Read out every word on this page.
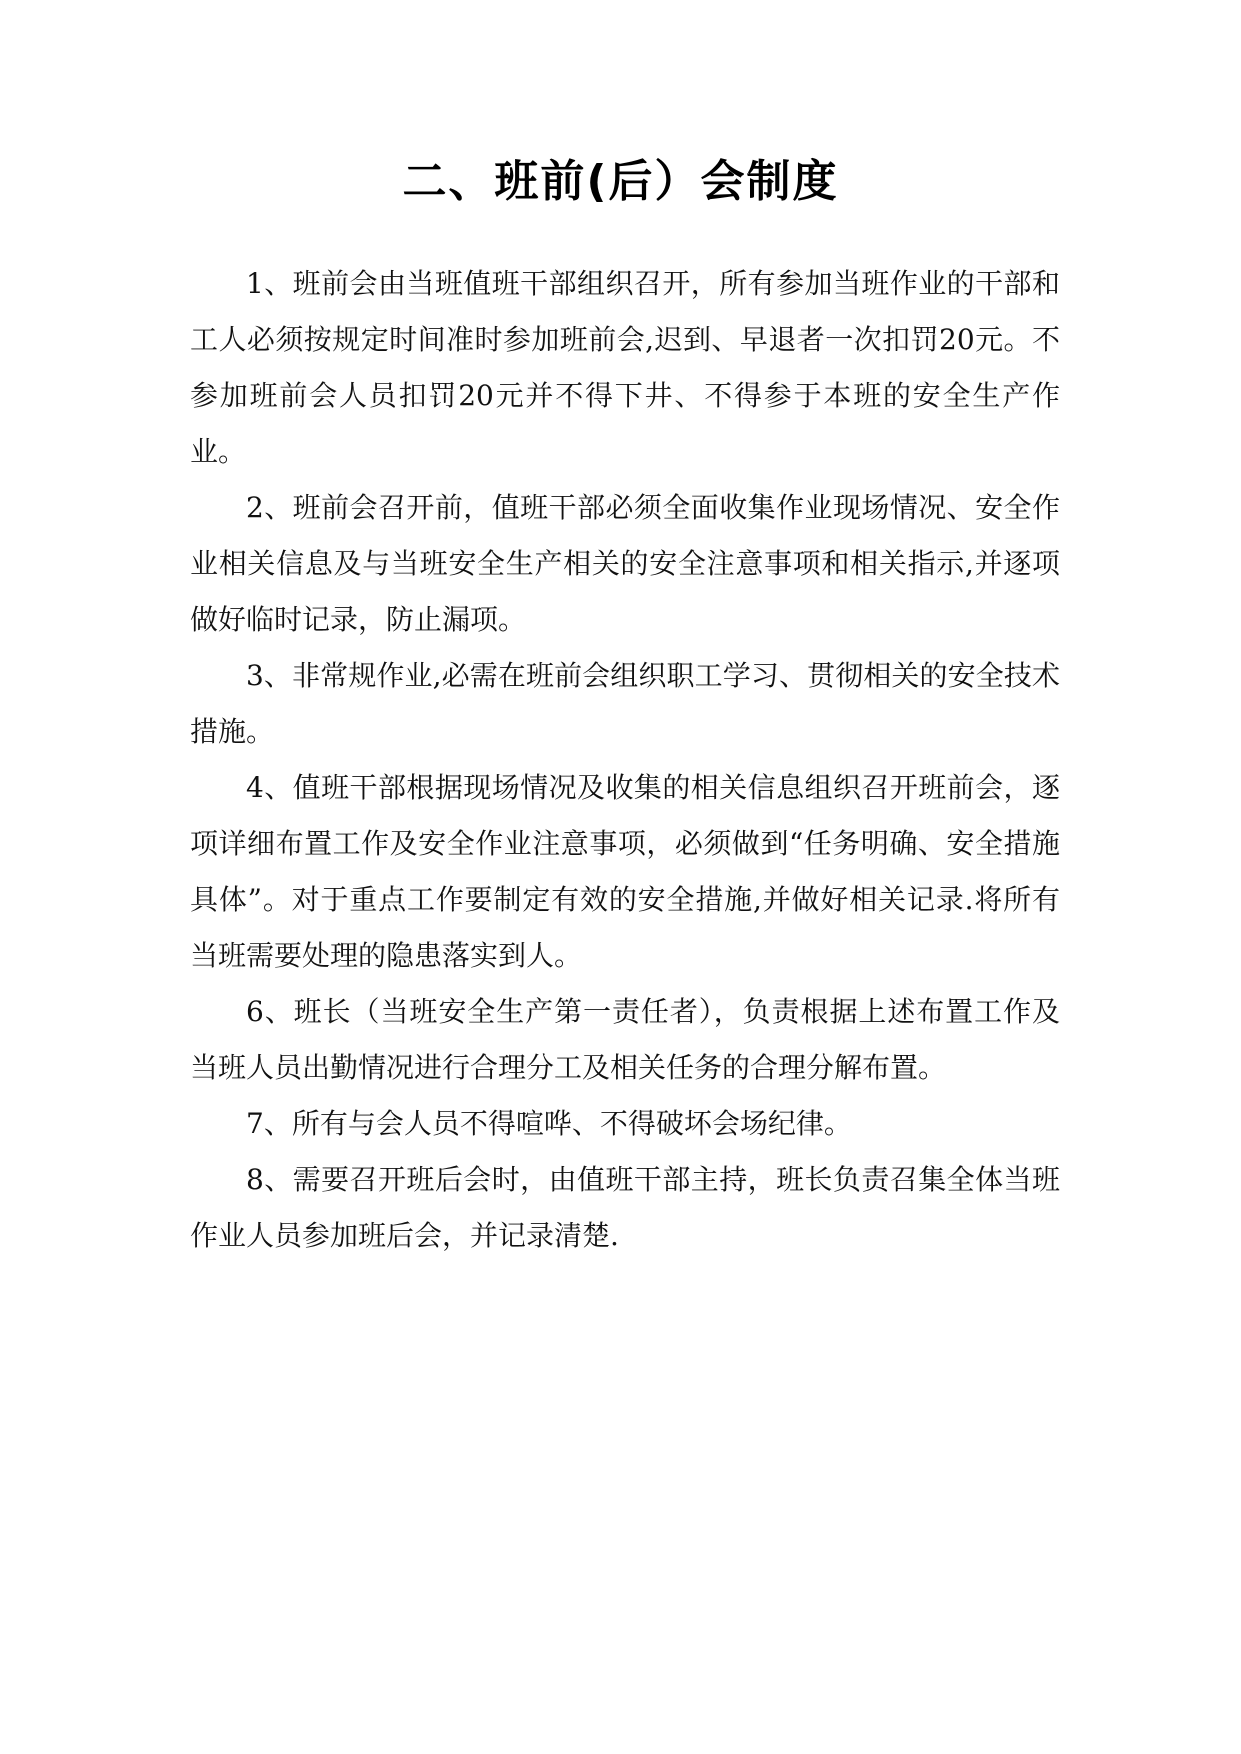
二、班前(后）会制度

1、班前会由当班值班干部组织召开，所有参加当班作业的干部和工人必须按规定时间准时参加班前会,迟到、早退者一次扣罚20元。不参加班前会人员扣罚20元并不得下井、不得参于本班的安全生产作业。

2、班前会召开前，值班干部必须全面收集作业现场情况、安全作业相关信息及与当班安全生产相关的安全注意事项和相关指示,并逐项做好临时记录，防止漏项。

3、非常规作业,必需在班前会组织职工学习、贯彻相关的安全技术措施。

4、值班干部根据现场情况及收集的相关信息组织召开班前会，逐项详细布置工作及安全作业注意事项，必须做到“任务明确、安全措施具体”。对于重点工作要制定有效的安全措施,并做好相关记录.将所有当班需要处理的隐患落实到人。

6、班长（当班安全生产第一责任者），负责根据上述布置工作及当班人员出勤情况进行合理分工及相关任务的合理分解布置。

7、所有与会人员不得喧哗、不得破坏会场纪律。

8、需要召开班后会时，由值班干部主持，班长负责召集全体当班作业人员参加班后会，并记录清楚.
